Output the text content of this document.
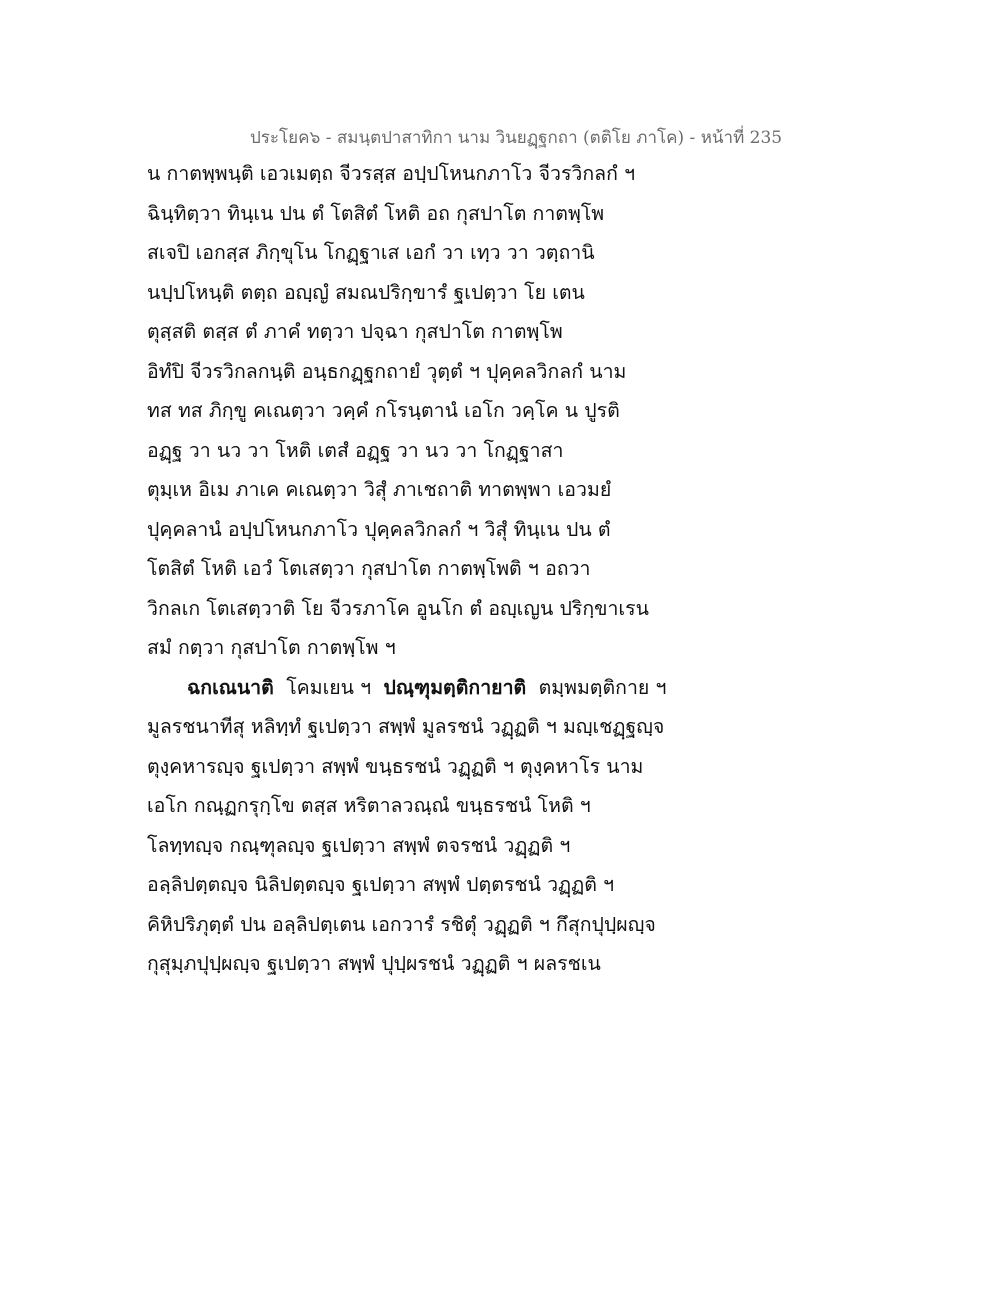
ประโยค๖ - สมนฺตปาสาทิกา นาม วินยฏฺฐกถา (ตติโย ภาโค) - หน้าที่ 235
น กาตพฺพนฺติ เอวเมตฺถ จีวรสฺส อปฺปโหนกภาโว จีวรวิกลกํ ฯ
ฉินฺทิตฺวา ทินฺเน ปน ตํ โตสิตํ โหติ อถ กุสปาโต กาตพฺโพ
สเจปิ เอกสฺส ภิกฺขุโน โกฏฺฐาเส เอกํ วา เทฺว วา วตฺถานิ
นปฺปโหนฺติ ตตฺถ อญฺญํ สมณปริกฺขารํ ฐเปตฺวา โย เตน
ตุสฺสติ ตสฺส ตํ ภาคํ ทตฺวา ปจฺฉา กุสปาโต กาตพฺโพ
อิทํปิ จีวรวิกลกนฺติ อนฺธกฏฺฐกถายํ วุตฺตํ ฯ ปุคฺคลวิกลกํ นาม
ทส ทส ภิกฺขู คเณตฺวา วคฺคํ กโรนฺตานํ เอโก วคฺโค น ปูรติ
อฏฺฐ วา นว วา โหติ เตสํ อฏฺฐ วา นว วา โกฏฺฐาสา
ตุมฺเห อิเม ภาเค คเณตฺวา วิสุํ ภาเชถาติ ทาตพฺพา เอวมยํ
ปุคฺคลานํ อปฺปโหนกภาโว ปุคฺคลวิกลกํ ฯ วิสุํ ทินฺเน ปน ตํ
โตสิตํ โหติ เอวํ โตเสตฺวา กุสปาโต กาตพฺโพติ ฯ อถวา
วิกลเก โตเสตฺวาติ โย จีวรภาโค อูนโก ตํ อญฺเญน ปริกฺขาเรน
สมํ กตฺวา กุสปาโต กาตพฺโพ ฯ
ฉกเณนาติ  โคมเยน ฯ  ปณฺฑุมตฺติกายาติ  ตมฺพมตฺติกาย ฯ
มูลรชนาทีสุ หลิทฺทํ ฐเปตฺวา สพฺพํ มูลรชนํ วฏฺฏติ ฯ มญฺเชฏฺฐญฺจ
ตุงฺคหารญฺจ ฐเปตฺวา สพฺพํ ขนฺธรชนํ วฏฺฏติ ฯ ตุงฺคหาโร นาม
เอโก กณฺฏกรุกฺโข ตสฺส หริตาลวณฺณํ ขนฺธรชนํ โหติ ฯ
โลทฺทญฺจ กณฺฑุลญฺจ ฐเปตฺวา สพฺพํ ตจรชนํ วฏฺฏติ ฯ
อลฺลิปตฺตญฺจ นิลิปตฺตญฺจ ฐเปตฺวา สพฺพํ ปตฺตรชนํ วฏฺฏติ ฯ
คิหิปริภุตฺตํ ปน อลฺลิปตฺเตน เอกวารํ รชิตุํ วฏฺฏติ ฯ กึสุกปุปฺผญฺจ
กุสุมฺภปุปฺผญฺจ ฐเปตฺวา สพฺพํ ปุปฺผรชนํ วฏฺฏติ ฯ ผลรชเน
